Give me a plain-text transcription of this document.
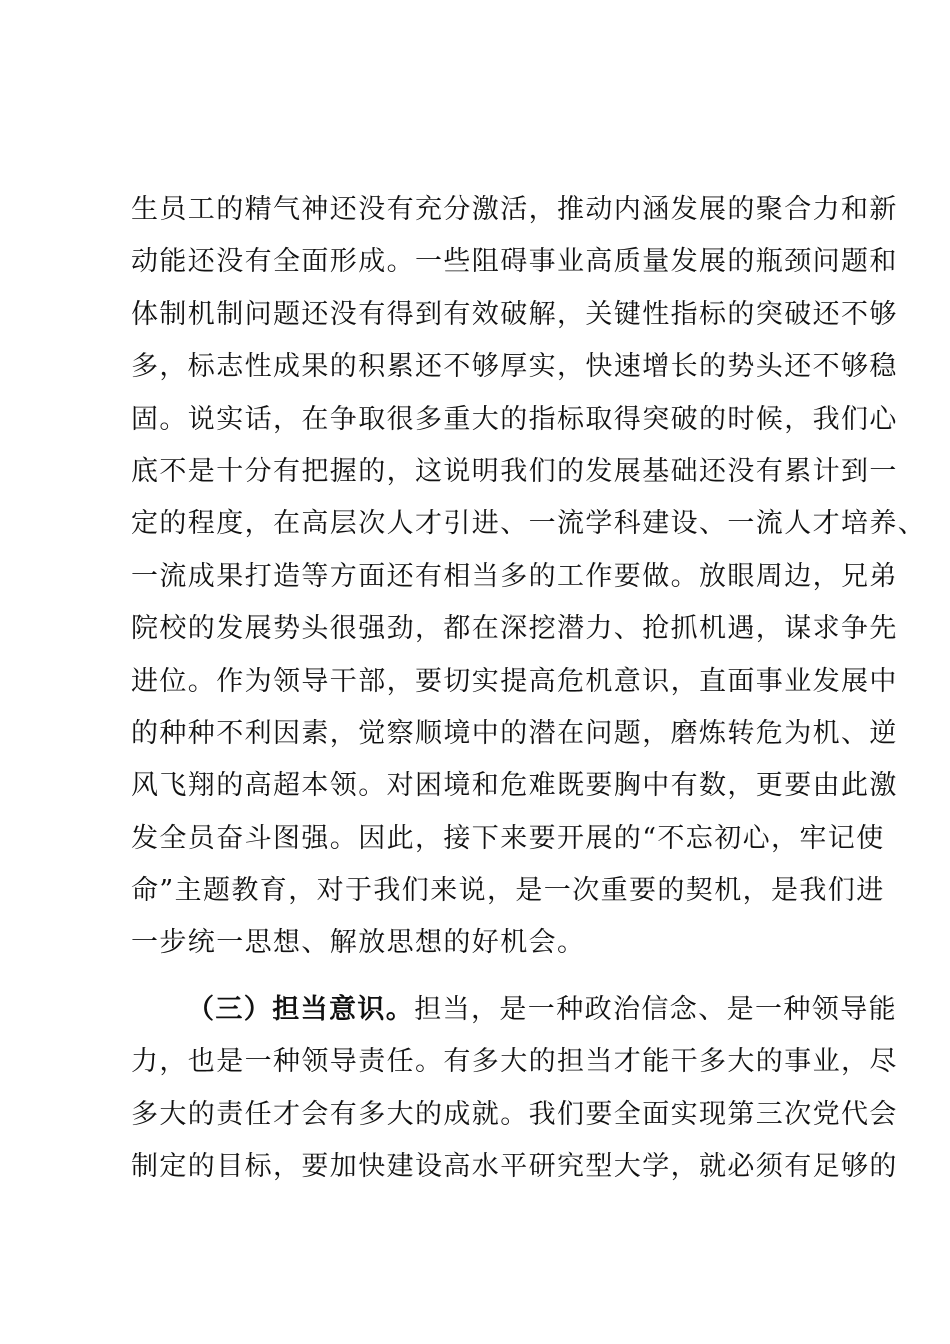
生员工的精气神还没有充分激活，推动内涵发展的聚合力和新
动能还没有全面形成。一些阻碍事业高质量发展的瓶颈问题和
体制机制问题还没有得到有效破解，关键性指标的突破还不够
多，标志性成果的积累还不够厚实，快速增长的势头还不够稳
固。说实话，在争取很多重大的指标取得突破的时候，我们心
底不是十分有把握的，这说明我们的发展基础还没有累计到一
定的程度，在高层次人才引进、一流学科建设、一流人才培养、
一流成果打造等方面还有相当多的工作要做。放眼周边，兄弟
院校的发展势头很强劲，都在深挖潜力、抢抓机遇，谋求争先
进位。作为领导干部，要切实提高危机意识，直面事业发展中
的种种不利因素，觉察顺境中的潜在问题，磨炼转危为机、逆
风飞翔的高超本领。对困境和危难既要胸中有数，更要由此激
发全员奋斗图强。因此，接下来要开展的“不忘初心，牢记使
命”主题教育，对于我们来说，是一次重要的契机，是我们进
一步统一思想、解放思想的好机会。
（三）担当意识。担当，是一种政治信念、是一种领导能
力，也是一种领导责任。有多大的担当才能干多大的事业，尽
多大的责任才会有多大的成就。我们要全面实现第三次党代会
制定的目标，要加快建设高水平研究型大学，就必须有足够的
